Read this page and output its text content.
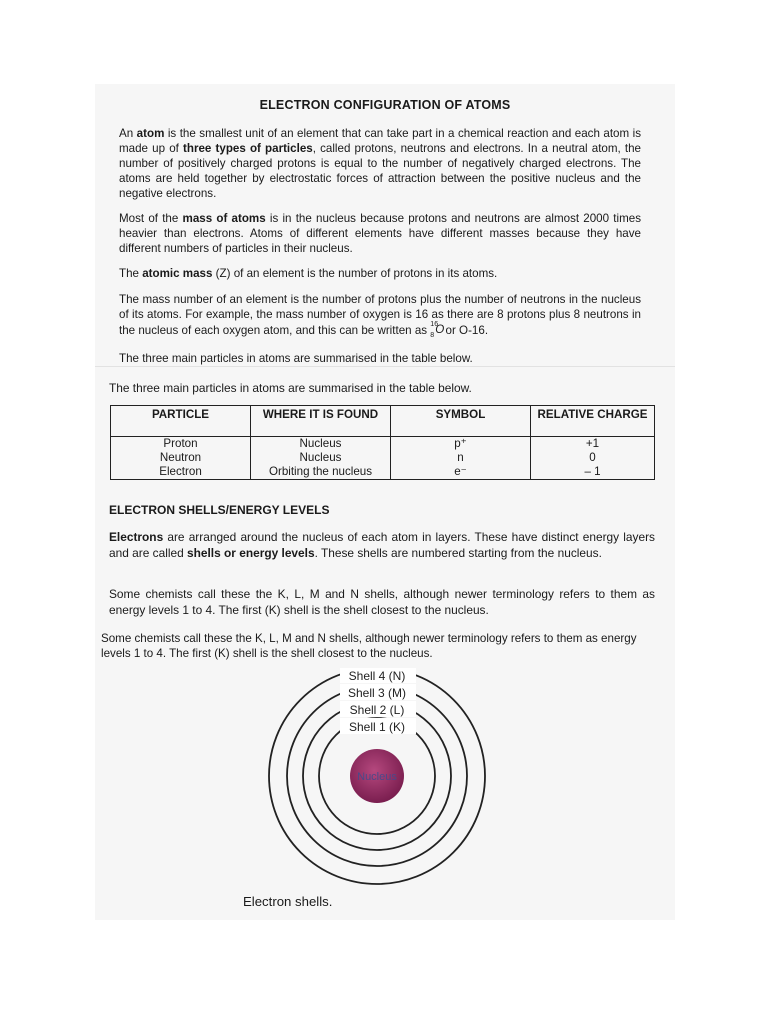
ELECTRON CONFIGURATION OF ATOMS
An atom is the smallest unit of an element that can take part in a chemical reaction and each atom is made up of three types of particles, called protons, neutrons and electrons. In a neutral atom, the number of positively charged protons is equal to the number of negatively charged electrons. The atoms are held together by electrostatic forces of attraction between the positive nucleus and the negative electrons.
Most of the mass of atoms is in the nucleus because protons and neutrons are almost 2000 times heavier than electrons. Atoms of different elements have different masses because they have different numbers of particles in their nucleus.
The atomic mass (Z) of an element is the number of protons in its atoms.
The mass number of an element is the number of protons plus the number of neutrons in the nucleus of its atoms. For example, the mass number of oxygen is 16 as there are 8 protons plus 8 neutrons in the nucleus of each oxygen atom, and this can be written as 16
8 O
or O-16.
The three main particles in atoms are summarised in the table below.
The three main particles in atoms are summarised in the table below.
PARTICLE	WHERE IT IS FOUND	SYMBOL	RELATIVE CHARGE
Proton	Nucleus	p⁺	+1
Neutron	Nucleus	n	0
Electron	Orbiting the nucleus	e⁻	– 1
ELECTRON SHELLS/ENERGY LEVELS
Electrons are arranged around the nucleus of each atom in layers. These have distinct energy layers and are called shells or energy levels. These shells are numbered starting from the nucleus.
Some chemists call these the K, L, M and N shells, although newer terminology refers to them as energy levels 1 to 4. The first (K) shell is the shell closest to the nucleus.
Some chemists call these the K, L, M and N shells, although newer terminology refers to them as energy levels 1 to 4. The first (K) shell is the shell closest to the nucleus.
Shell 4 (N)
Shell 3 (M)
Shell 2 (L)
Shell 1 (K)
Nucleus
Electron shells.
